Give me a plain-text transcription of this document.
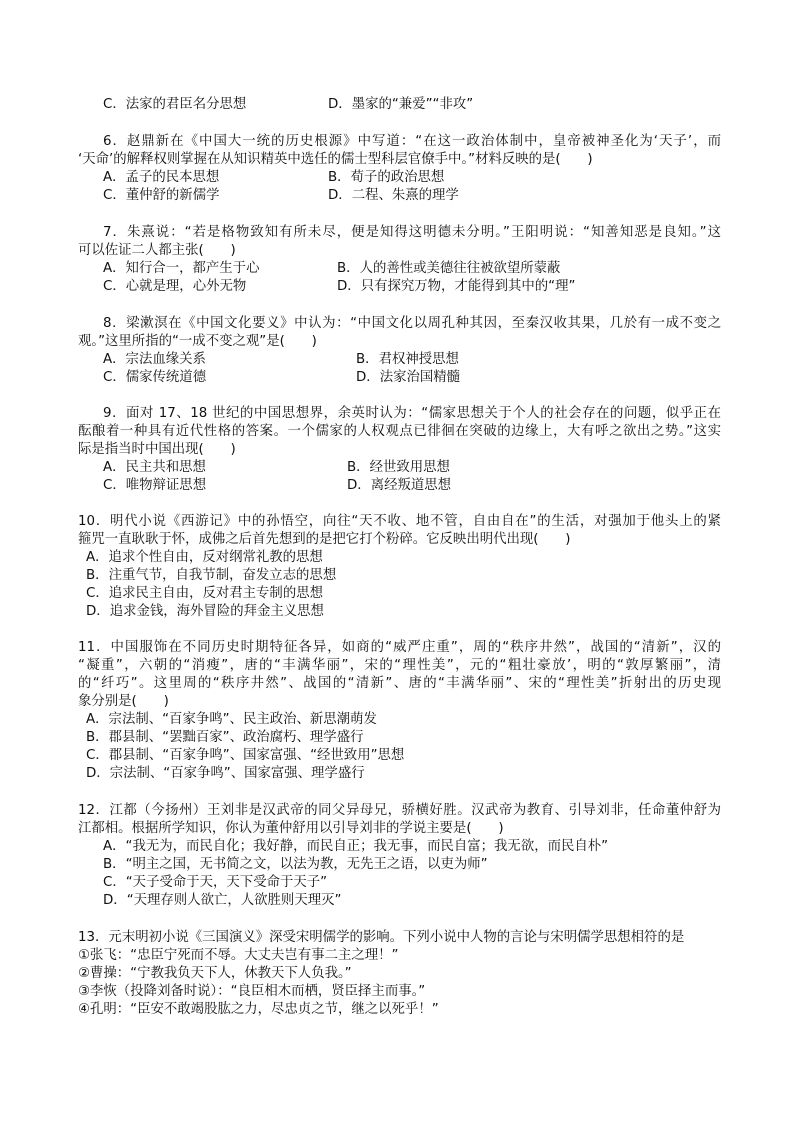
C．法家的君臣名分思想	D．墨家的“兼爱”“非攻”
6．赵鼎新在《中国大一统的历史根源》中写道：“在这一政治体制中，皇帝被神圣化为‘天子’，而
‘天命’的解释权则掌握在从知识精英中选任的儒士型科层官僚手中。”材料反映的是(　　)
A．孟子的民本思想	B．荀子的政治思想
C．董仲舒的新儒学	D．二程、朱熹的理学
7．朱熹说：“若是格物致知有所未尽，便是知得这明德未分明。”王阳明说：“知善知恶是良知。”这
可以佐证二人都主张(　　)
A．知行合一，都产生于心	B．人的善性或美德往往被欲望所蒙蔽
C．心就是理，心外无物	D．只有探究万物，才能得到其中的“理”
8．梁漱溟在《中国文化要义》中认为：“中国文化以周孔种其因，至秦汉收其果，几於有一成不变之
观。”这里所指的“一成不变之观”是(　　)
A．宗法血缘关系	B．君权神授思想
C．儒家传统道德	D．法家治国精髓
9．面对 17、18 世纪的中国思想界，余英时认为：“儒家思想关于个人的社会存在的问题，似乎正在
酝酿着一种具有近代性格的答案。一个儒家的人权观点已徘徊在突破的边缘上，大有呼之欲出之势。”这实
际是指当时中国出现(　　)
A．民主共和思想	B．经世致用思想
C．唯物辩证思想	D．离经叛道思想
10．明代小说《西游记》中的孙悟空，向往“天不收、地不管，自由自在”的生活，对强加于他头上的紧
箍咒一直耿耿于怀，成佛之后首先想到的是把它打个粉碎。它反映出明代出现(　　)
A．追求个性自由，反对纲常礼教的思想
B．注重气节，自我节制，奋发立志的思想
C．追求民主自由，反对君主专制的思想
D．追求金钱，海外冒险的拜金主义思想
11．中国服饰在不同历史时期特征各异，如商的“威严庄重”，周的“秩序井然”，战国的“清新”，汉的
“凝重”，六朝的“消瘦”，唐的“丰满华丽”，宋的“理性美”，元的“粗壮豪放’，明的“敦厚繁丽”，清
的“纤巧”。这里周的“秩序井然”、战国的“清新”、唐的“丰满华丽”、宋的“理性美”折射出的历史现
象分别是(　　)
A．宗法制、“百家争鸣”、民主政治、新思潮萌发
B．郡县制、“罢黜百家”、政治腐朽、理学盛行
C．郡县制、“百家争鸣”、国家富强、“经世致用”思想
D．宗法制、“百家争鸣”、国家富强、理学盛行
12．江都（今扬州）王刘非是汉武帝的同父异母兄，骄横好胜。汉武帝为教育、引导刘非，任命董仲舒为
江都相。根据所学知识，你认为董仲舒用以引导刘非的学说主要是(　　)
A．“我无为，而民自化；我好静，而民自正；我无事，而民自富；我无欲，而民自朴”
B．“明主之国，无书简之文，以法为教，无先王之语，以吏为师”
C．“天子受命于天，天下受命于天子”
D．“天理存则人欲亡，人欲胜则天理灭”
13．元末明初小说《三国演义》深受宋明儒学的影响。下列小说中人物的言论与宋明儒学思想相符的是
①张飞：“忠臣宁死而不辱。大丈夫岂有事二主之理！”
②曹操：“宁教我负天下人，休教天下人负我。”
③李恢（投降刘备时说）：“良臣相木而栖，贤臣择主而事。”
④孔明：“臣安不敢竭股肱之力，尽忠贞之节，继之以死乎！”
